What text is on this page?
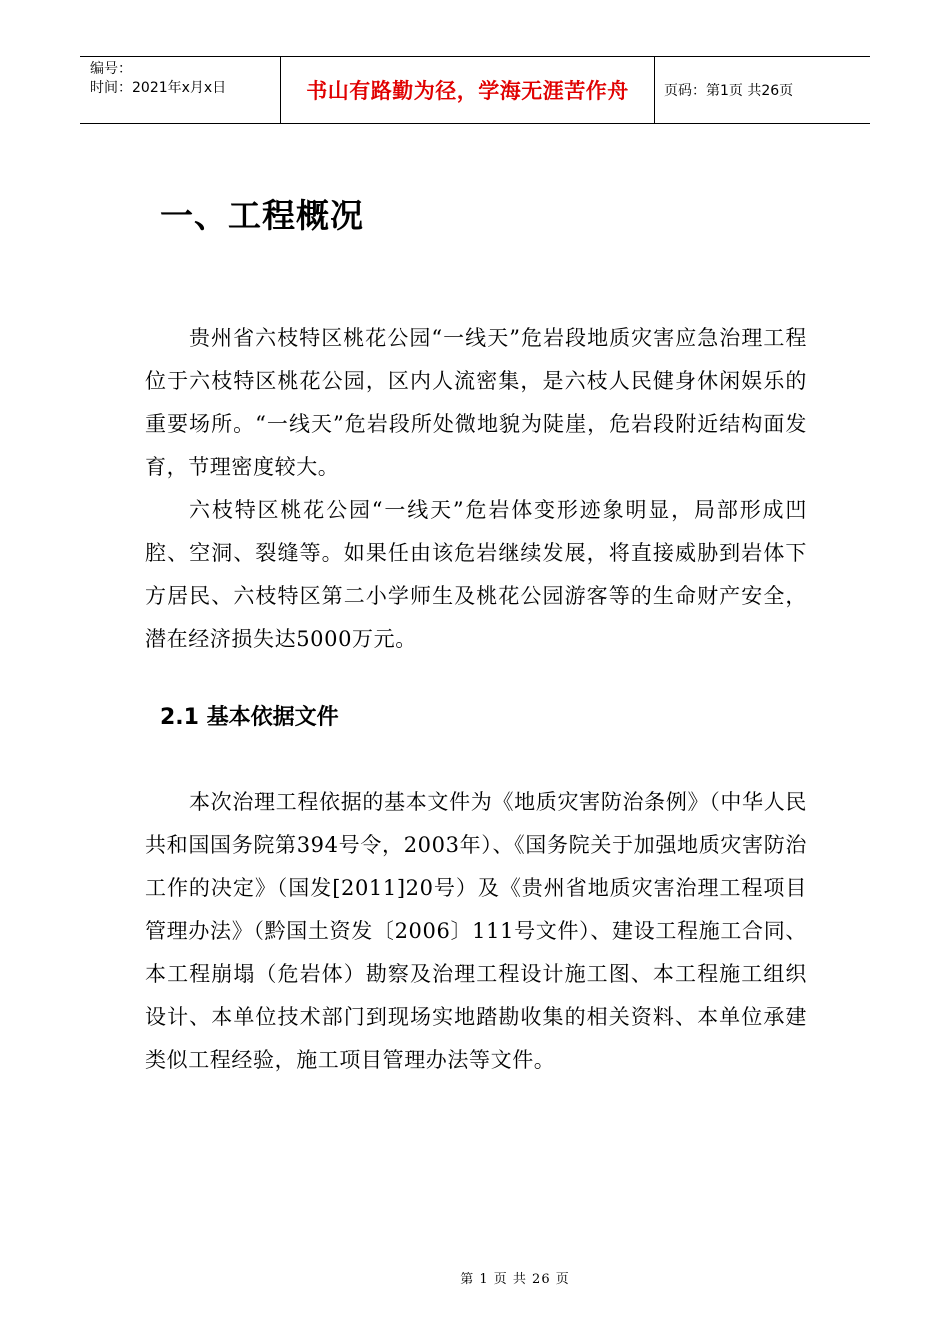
编号：
时间：2021年x月x日	书山有路勤为径，学海无涯苦作舟	页码：第1页 共26页
一、工程概况

贵州省六枝特区桃花公园“一线天”危岩段地质灾害应急治理工程位于六枝特区桃花公园，区内人流密集，是六枝人民健身休闲娱乐的重要场所。“一线天”危岩段所处微地貌为陡崖，危岩段附近结构面发育，节理密度较大。

六枝特区桃花公园“一线天”危岩体变形迹象明显，局部形成凹腔、空洞、裂缝等。如果任由该危岩继续发展，将直接威胁到岩体下方居民、六枝特区第二小学师生及桃花公园游客等的生命财产安全，潜在经济损失达5000万元。

2.1 基本依据文件

本次治理工程依据的基本文件为《地质灾害防治条例》（中华人民共和国国务院第394号令，2003年）、《国务院关于加强地质灾害防治工作的决定》（国发[2011]20号）及《贵州省地质灾害治理工程项目管理办法》（黔国土资发〔2006〕111号文件）、建设工程施工合同、本工程崩塌（危岩体）勘察及治理工程设计施工图、本工程施工组织设计、本单位技术部门到现场实地踏勘收集的相关资料、本单位承建类似工程经验，施工项目管理办法等文件。

第 1 页 共 26 页
